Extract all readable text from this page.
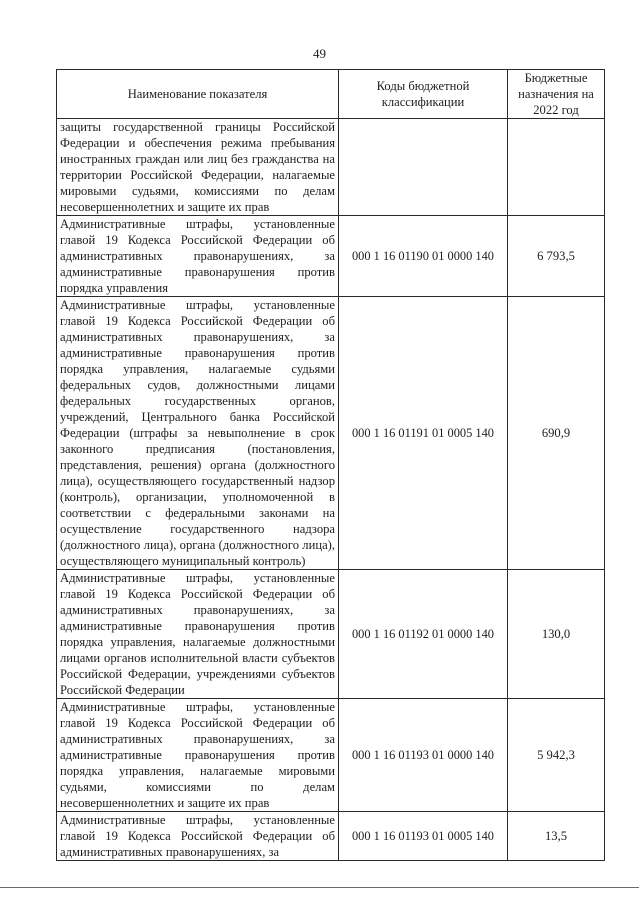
49
Наименование показателя	Коды бюджетной классификации	Бюджетные назначения на 2022 год
защиты государственной границы Российской Федерации и обеспечения режима пребывания иностранных граждан или лиц без гражданства на территории Российской Федерации, налагаемые мировыми судьями, комиссиями по делам несовершеннолетних и защите их прав		
Административные штрафы, установленные главой 19 Кодекса Российской Федерации об административных правонарушениях, за административные правонарушения против порядка управления	000 1 16 01190 01 0000 140	6 793,5
Административные штрафы, установленные главой 19 Кодекса Российской Федерации об административных правонарушениях, за административные правонарушения против порядка управления, налагаемые судьями федеральных судов, должностными лицами федеральных государственных органов, учреждений, Центрального банка Российской Федерации (штрафы за невыполнение в срок законного предписания (постановления, представления, решения) органа (должностного лица), осуществляющего государственный надзор (контроль), организации, уполномоченной в соответствии с федеральными законами на осуществление государственного надзора (должностного лица), органа (должностного лица), осуществляющего муниципальный контроль)	000 1 16 01191 01 0005 140	690,9
Административные штрафы, установленные главой 19 Кодекса Российской Федерации об административных правонарушениях, за административные правонарушения против порядка управления, налагаемые должностными лицами органов исполнительной власти субъектов Российской Федерации, учреждениями субъектов Российской Федерации	000 1 16 01192 01 0000 140	130,0
Административные штрафы, установленные главой 19 Кодекса Российской Федерации об административных правонарушениях, за административные правонарушения против порядка управления, налагаемые мировыми судьями, комиссиями по делам несовершеннолетних и защите их прав	000 1 16 01193 01 0000 140	5 942,3
Административные штрафы, установленные главой 19 Кодекса Российской Федерации об административных правонарушениях, за	000 1 16 01193 01 0005 140	13,5
